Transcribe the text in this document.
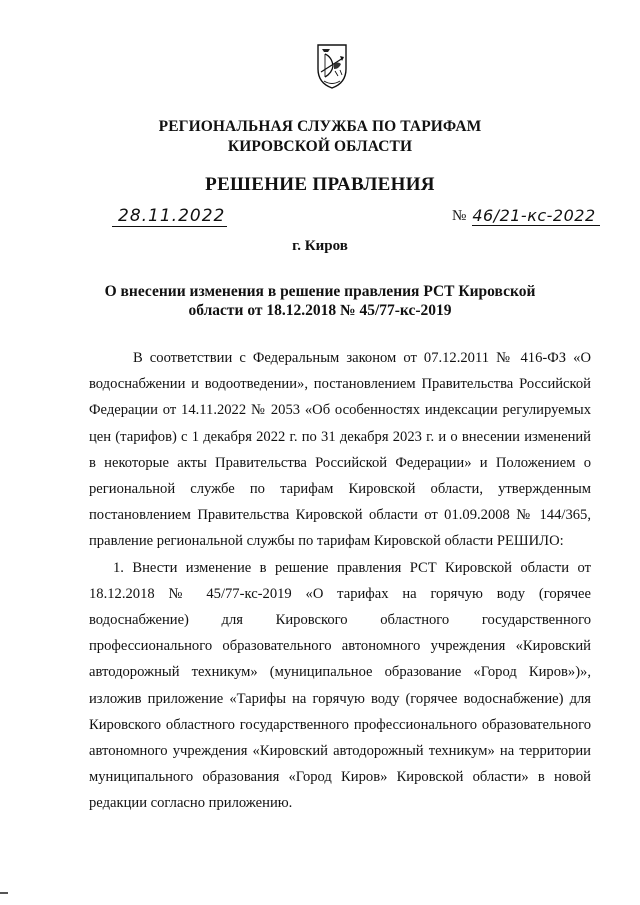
РЕГИОНАЛЬНАЯ СЛУЖБА ПО ТАРИФАМ
КИРОВСКОЙ ОБЛАСТИ
РЕШЕНИЕ ПРАВЛЕНИЯ
28.11.2022	№ 46/21-кс-2022
г. Киров
О внесении изменения в решение правления РСТ Кировской
области от 18.12.2018 № 45/77-кс-2019

В соответствии с Федеральным законом от 07.12.2011 № 416-ФЗ «О водоснабжении и водоотведении», постановлением Правительства Российской Федерации от 14.11.2022 № 2053 «Об особенностях индексации регулируемых цен (тарифов) с 1 декабря 2022 г. по 31 декабря 2023 г. и о внесении изменений в некоторые акты Правительства Российской Федерации» и Положением о региональной службе по тарифам Кировской области, утвержденным постановлением Правительства Кировской области от 01.09.2008 № 144/365, правление региональной службы по тарифам Кировской области РЕШИЛО:

1. Внести изменение в решение правления РСТ Кировской области от 18.12.2018 № 45/77-кс-2019 «О тарифах на горячую воду (горячее водоснабжение) для Кировского областного государственного профессионального образовательного автономного учреждения «Кировский автодорожный техникум» (муниципальное образование «Город Киров»)», изложив приложение «Тарифы на горячую воду (горячее водоснабжение) для Кировского областного государственного профессионального образовательного автономного учреждения «Кировский автодорожный техникум» на территории муниципального образования «Город Киров» Кировской области» в новой редакции согласно приложению.
